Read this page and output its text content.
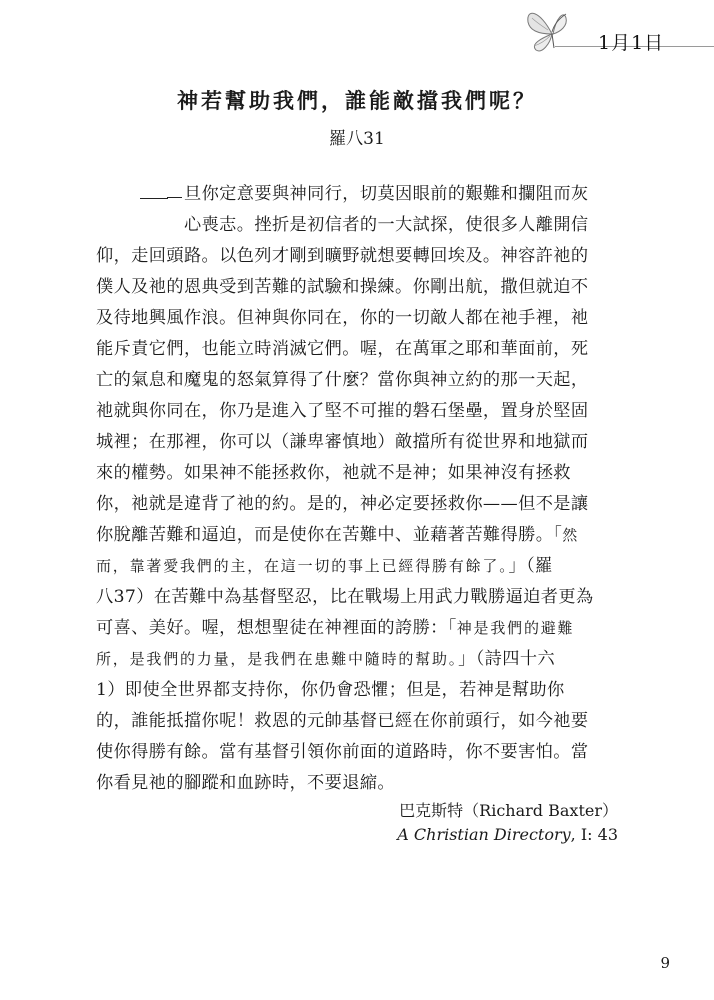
1月1日
神若幫助我們，誰能敵擋我們呢？
羅八31
旦你定意要與神同行，切莫因眼前的艱難和攔阻而灰
心喪志。挫折是初信者的一大試探，使很多人離開信
仰，走回頭路。以色列才剛到曠野就想要轉回埃及。神容許祂的
僕人及祂的恩典受到苦難的試驗和操練。你剛出航，撒但就迫不
及待地興風作浪。但神與你同在，你的一切敵人都在祂手裡，祂
能斥責它們，也能立時消滅它們。喔，在萬軍之耶和華面前，死
亡的氣息和魔鬼的怒氣算得了什麼？當你與神立約的那一天起，
祂就與你同在，你乃是進入了堅不可摧的磐石堡壘，置身於堅固
城裡；在那裡，你可以（謙卑審慎地）敵擋所有從世界和地獄而
來的權勢。如果神不能拯救你，祂就不是神；如果神沒有拯救
你，祂就是違背了祂的約。是的，神必定要拯救你——但不是讓
你脫離苦難和逼迫，而是使你在苦難中、並藉著苦難得勝。「然
而，靠著愛我們的主，在這一切的事上已經得勝有餘了。」（羅
八37）在苦難中為基督堅忍，比在戰場上用武力戰勝逼迫者更為
可喜、美好。喔，想想聖徒在神裡面的誇勝：「神是我們的避難
所，是我們的力量，是我們在患難中隨時的幫助。」（詩四十六
1）即使全世界都支持你，你仍會恐懼；但是，若神是幫助你
的，誰能抵擋你呢！救恩的元帥基督已經在你前頭行，如今祂要
使你得勝有餘。當有基督引領你前面的道路時，你不要害怕。當
你看見祂的腳蹤和血跡時，不要退縮。
巴克斯特（Richard Baxter）
A Christian Directory, I: 43
9
